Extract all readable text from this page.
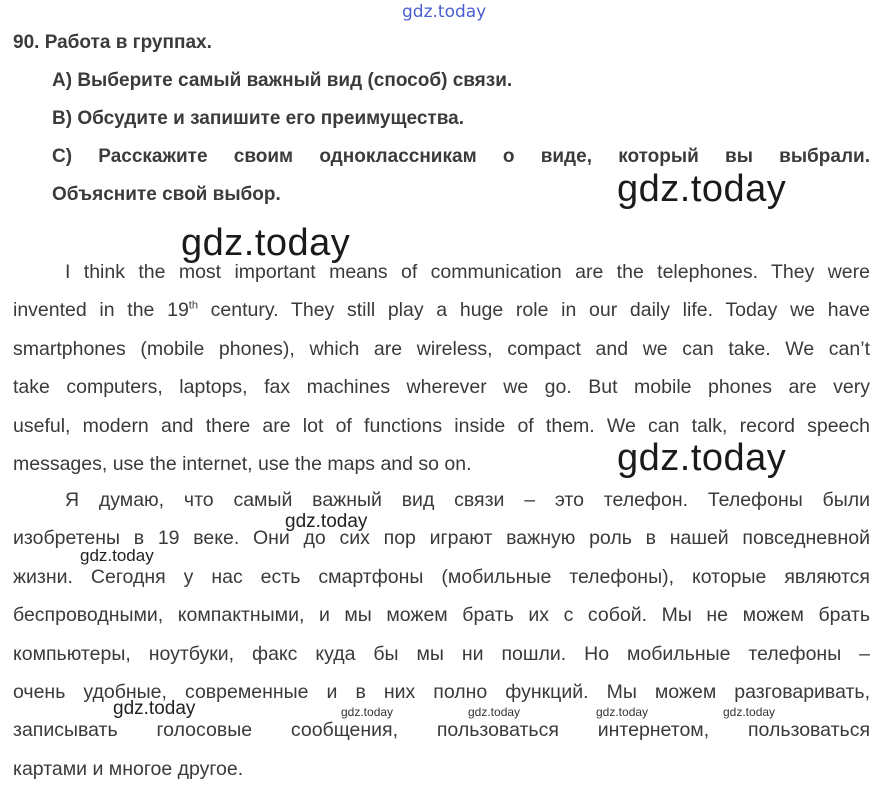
gdz.today
90. Работа в группах.
А) Выберите самый важный вид (способ) связи.
В) Обсудите и запишите его преимущества.
С) Расскажите своим одноклассникам о виде, который вы выбрали.
Объясните свой выбор.
I think the most important means of communication are the telephones. They were
invented in the 19th century. They still play a huge role in our daily life. Today we have
smartphones (mobile phones), which are wireless, compact and we can take. We can’t
take computers, laptops, fax machines wherever we go. But mobile phones are very
useful, modern and there are lot of functions inside of them. We can talk, record speech
messages, use the internet, use the maps and so on.
Я думаю, что самый важный вид связи – это телефон. Телефоны были
изобретены в 19 веке. Они до сих пор играют важную роль в нашей повседневной
жизни. Сегодня у нас есть смартфоны (мобильные телефоны), которые являются
беспроводными, компактными, и мы можем брать их с собой. Мы не можем брать
компьютеры, ноутбуки, факс куда бы мы ни пошли. Но мобильные телефоны –
очень удобные, современные и в них полно функций. Мы можем разговаривать,
записывать голосовые сообщения, пользоваться интернетом, пользоваться
картами и многое другое.
gdz.today
gdz.today
gdz.today
gdz.today
gdz.today
gdz.today	gdz.today	gdz.today	gdz.today	gdz.today
